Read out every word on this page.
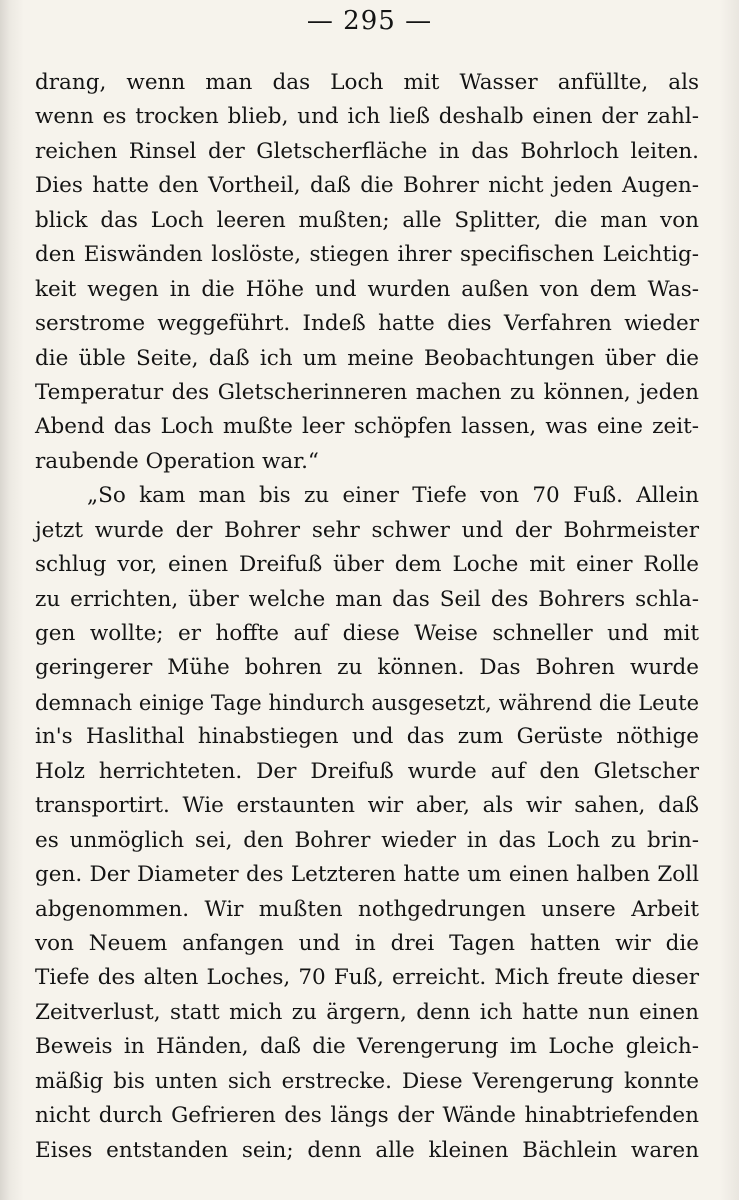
— 295 —
drang, wenn man das Loch mit Wasser anfüllte, als
wenn es trocken blieb, und ich ließ deshalb einen der zahl-
reichen Rinsel der Gletscherfläche in das Bohrloch leiten.
Dies hatte den Vortheil, daß die Bohrer nicht jeden Augen-
blick das Loch leeren mußten; alle Splitter, die man von
den Eiswänden loslöste, stiegen ihrer specifischen Leichtig-
keit wegen in die Höhe und wurden außen von dem Was-
serstrome weggeführt. Indeß hatte dies Verfahren wieder
die üble Seite, daß ich um meine Beobachtungen über die
Temperatur des Gletscherinneren machen zu können, jeden
Abend das Loch mußte leer schöpfen lassen, was eine zeit-
raubende Operation war.“
„So kam man bis zu einer Tiefe von 70 Fuß. Allein
jetzt wurde der Bohrer sehr schwer und der Bohrmeister
schlug vor, einen Dreifuß über dem Loche mit einer Rolle
zu errichten, über welche man das Seil des Bohrers schla-
gen wollte; er hoffte auf diese Weise schneller und mit
geringerer Mühe bohren zu können. Das Bohren wurde
demnach einige Tage hindurch ausgesetzt, während die Leute
in's Haslithal hinabstiegen und das zum Gerüste nöthige
Holz herrichteten. Der Dreifuß wurde auf den Gletscher
transportirt. Wie erstaunten wir aber, als wir sahen, daß
es unmöglich sei, den Bohrer wieder in das Loch zu brin-
gen. Der Diameter des Letzteren hatte um einen halben Zoll
abgenommen. Wir mußten nothgedrungen unsere Arbeit
von Neuem anfangen und in drei Tagen hatten wir die
Tiefe des alten Loches, 70 Fuß, erreicht. Mich freute dieser
Zeitverlust, statt mich zu ärgern, denn ich hatte nun einen
Beweis in Händen, daß die Verengerung im Loche gleich-
mäßig bis unten sich erstrecke. Diese Verengerung konnte
nicht durch Gefrieren des längs der Wände hinabtriefenden
Eises entstanden sein; denn alle kleinen Bächlein waren
